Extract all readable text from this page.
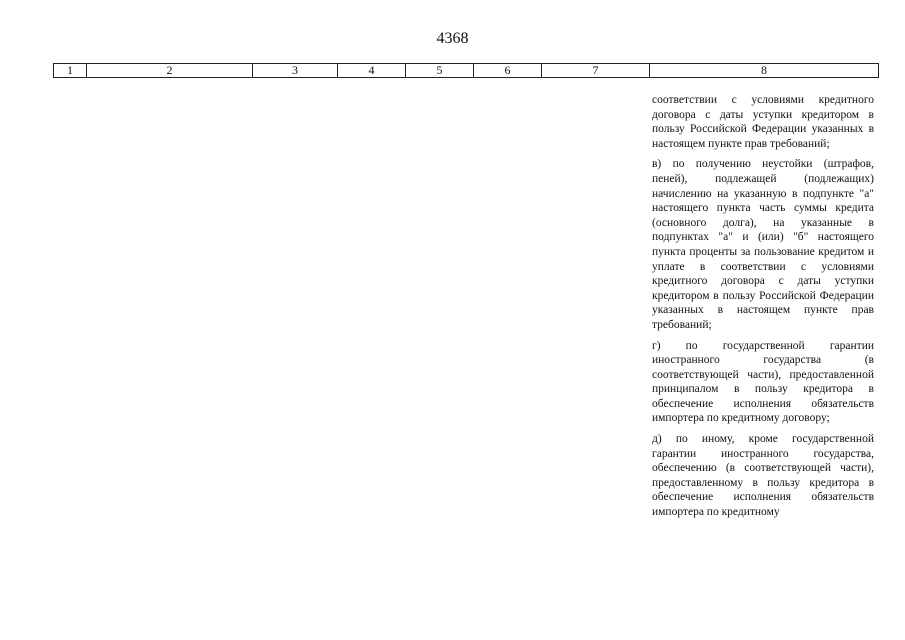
4368
1	2	3	4	5	6	7	8

соответствии с условиями кредитного договора с даты уступки кредитором в пользу Российской Федерации указанных в настоящем пункте прав требований;

в) по получению неустойки (штрафов, пеней), подлежащей (подлежащих) начислению на указанную в подпункте "а" настоящего пункта часть суммы кредита (основного долга), на указанные в подпунктах "а" и (или) "б" настоящего пункта проценты за пользование кредитом и уплате в соответствии с условиями кредитного договора с даты уступки кредитором в пользу Российской Федерации указанных в настоящем пункте прав требований;

г) по государственной гарантии иностранного государства (в соответствующей части), предоставленной принципалом в пользу кредитора в обеспечение исполнения обязательств импортера по кредитному договору;

д) по иному, кроме государственной гарантии иностранного государства, обеспечению (в соответствующей части), предоставленному в пользу кредитора в обеспечение исполнения обязательств импортера по кредитному
